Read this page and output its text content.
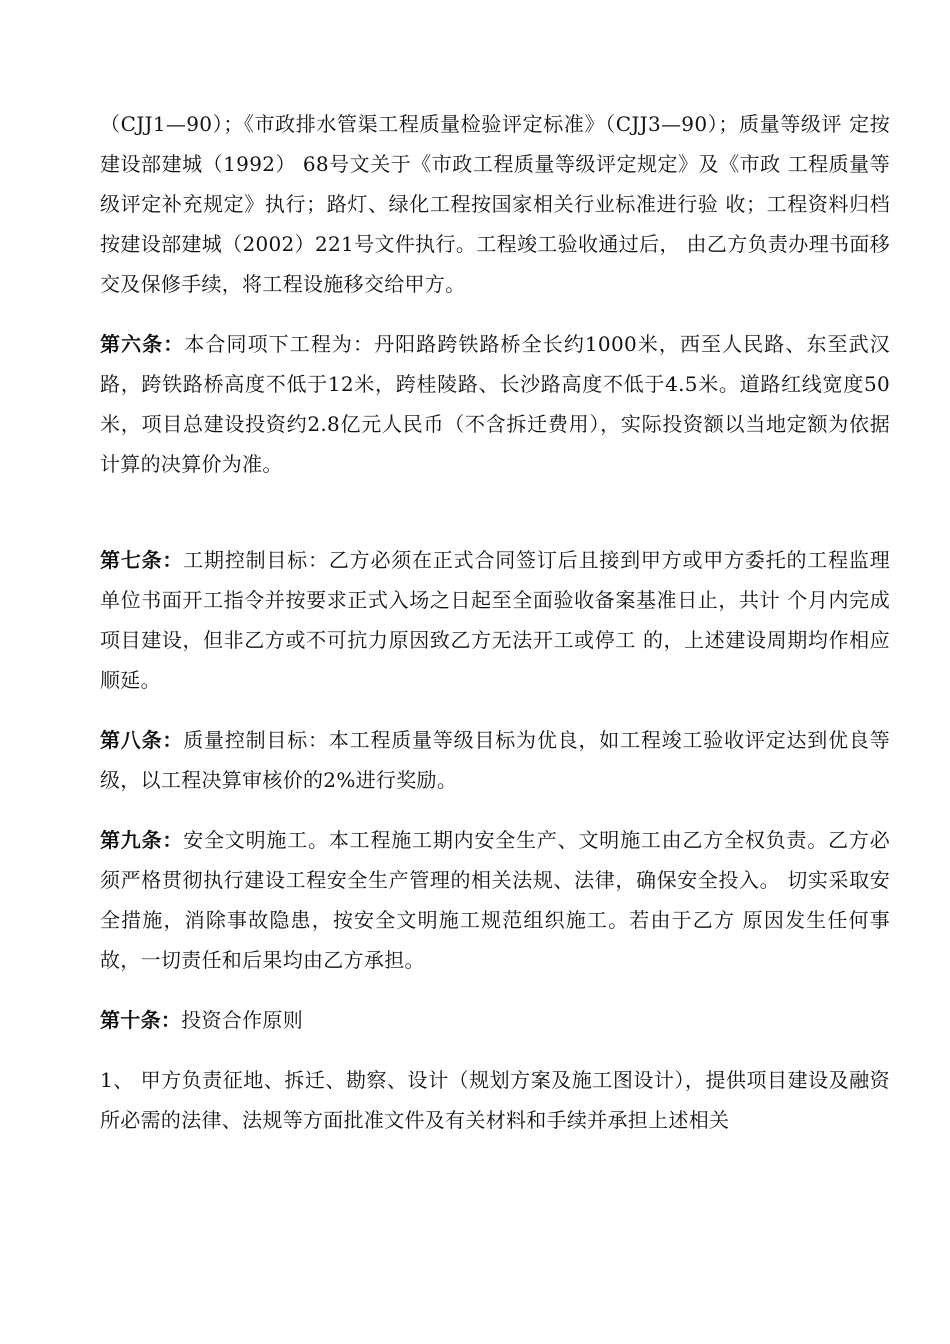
（CJJ1—90）；《市政排水管渠工程质量检验评定标准》（CJJ3—90）；质量等级评 定按建设部建城（1992） 68号文关于《市政工程质量等级评定规定》及《市政 工程质量等级评定补充规定》执行；路灯、绿化工程按国家相关行业标准进行验 收；工程资料归档按建设部建城（2002）221号文件执行。工程竣工验收通过后， 由乙方负责办理书面移交及保修手续，将工程设施移交给甲方。

第六条：本合同项下工程为：丹阳路跨铁路桥全长约1000米，西至人民路、东至武汉路，跨铁路桥高度不低于12米，跨桂陵路、长沙路高度不低于4.5米。道路红线宽度50米，项目总建设投资约2.8亿元人民币（不含拆迁费用），实际投资额以当地定额为依据计算的决算价为准。

第七条：工期控制目标：乙方必须在正式合同签订后且接到甲方或甲方委托的工程监理单位书面开工指令并按要求正式入场之日起至全面验收备案基准日止，共计 个月内完成项目建设，但非乙方或不可抗力原因致乙方无法开工或停工 的，上述建设周期均作相应顺延。

第八条：质量控制目标：本工程质量等级目标为优良，如工程竣工验收评定达到优良等级，以工程决算审核价的2%进行奖励。

第九条：安全文明施工。本工程施工期内安全生产、文明施工由乙方全权负责。乙方必须严格贯彻执行建设工程安全生产管理的相关法规、法律，确保安全投入。 切实采取安全措施，消除事故隐患，按安全文明施工规范组织施工。若由于乙方 原因发生任何事故，一切责任和后果均由乙方承担。

第十条：投资合作原则

1、 甲方负责征地、拆迁、勘察、设计（规划方案及施工图设计），提供项目建设及融资所必需的法律、法规等方面批准文件及有关材料和手续并承担上述相关
